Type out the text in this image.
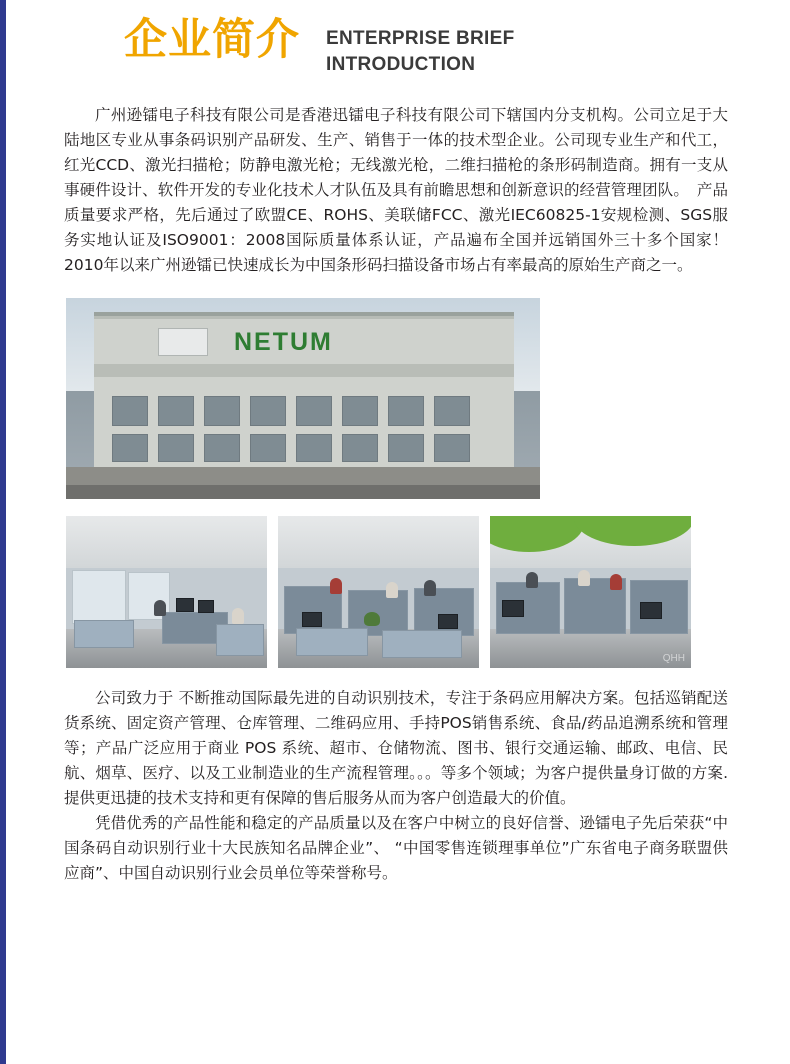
企业简介 ENTERPRISE BRIEF
INTRODUCTION

广州逊镭电子科技有限公司是香港迅镭电子科技有限公司下辖国内分支机构。公司立足于大陆地区专业从事条码识别产品研发、生产、销售于一体的技术型企业。公司现专业生产和代工，红光CCD、激光扫描枪；防静电激光枪；无线激光枪，二维扫描枪的条形码制造商。拥有一支从事硬件设计、软件开发的专业化技术人才队伍及具有前瞻思想和创新意识的经营管理团队。　产品质量要求严格，先后通过了欧盟CE、ROHS、美联储FCC、激光IEC60825-1安规检测、SGS服务实地认证及ISO9001：2008国际质量体系认证，产品遍布全国并远销国外三十多个国家！2010年以来广州逊镭已快速成长为中国条形码扫描设备市场占有率最高的原始生产商之一。

NETUM
QHH

公司致力于 不断推动国际最先进的自动识别技术，专注于条码应用解决方案。包括巡销配送货系统、固定资产管理、仓库管理、二维码应用、手持POS销售系统、食品/药品追溯系统和管理等；产品广泛应用于商业 POS 系统、超市、仓储物流、图书、银行交通运输、邮政、电信、民航、烟草、医疗、以及工业制造业的生产流程管理。。。等多个领域；为客户提供量身订做的方案.提供更迅捷的技术支持和更有保障的售后服务从而为客户创造最大的价值。

凭借优秀的产品性能和稳定的产品质量以及在客户中树立的良好信誉、逊镭电子先后荣获“中国条码自动识别行业十大民族知名品牌企业”、 “中国零售连锁理事单位”广东省电子商务联盟供应商”、中国自动识别行业会员单位等荣誉称号。
